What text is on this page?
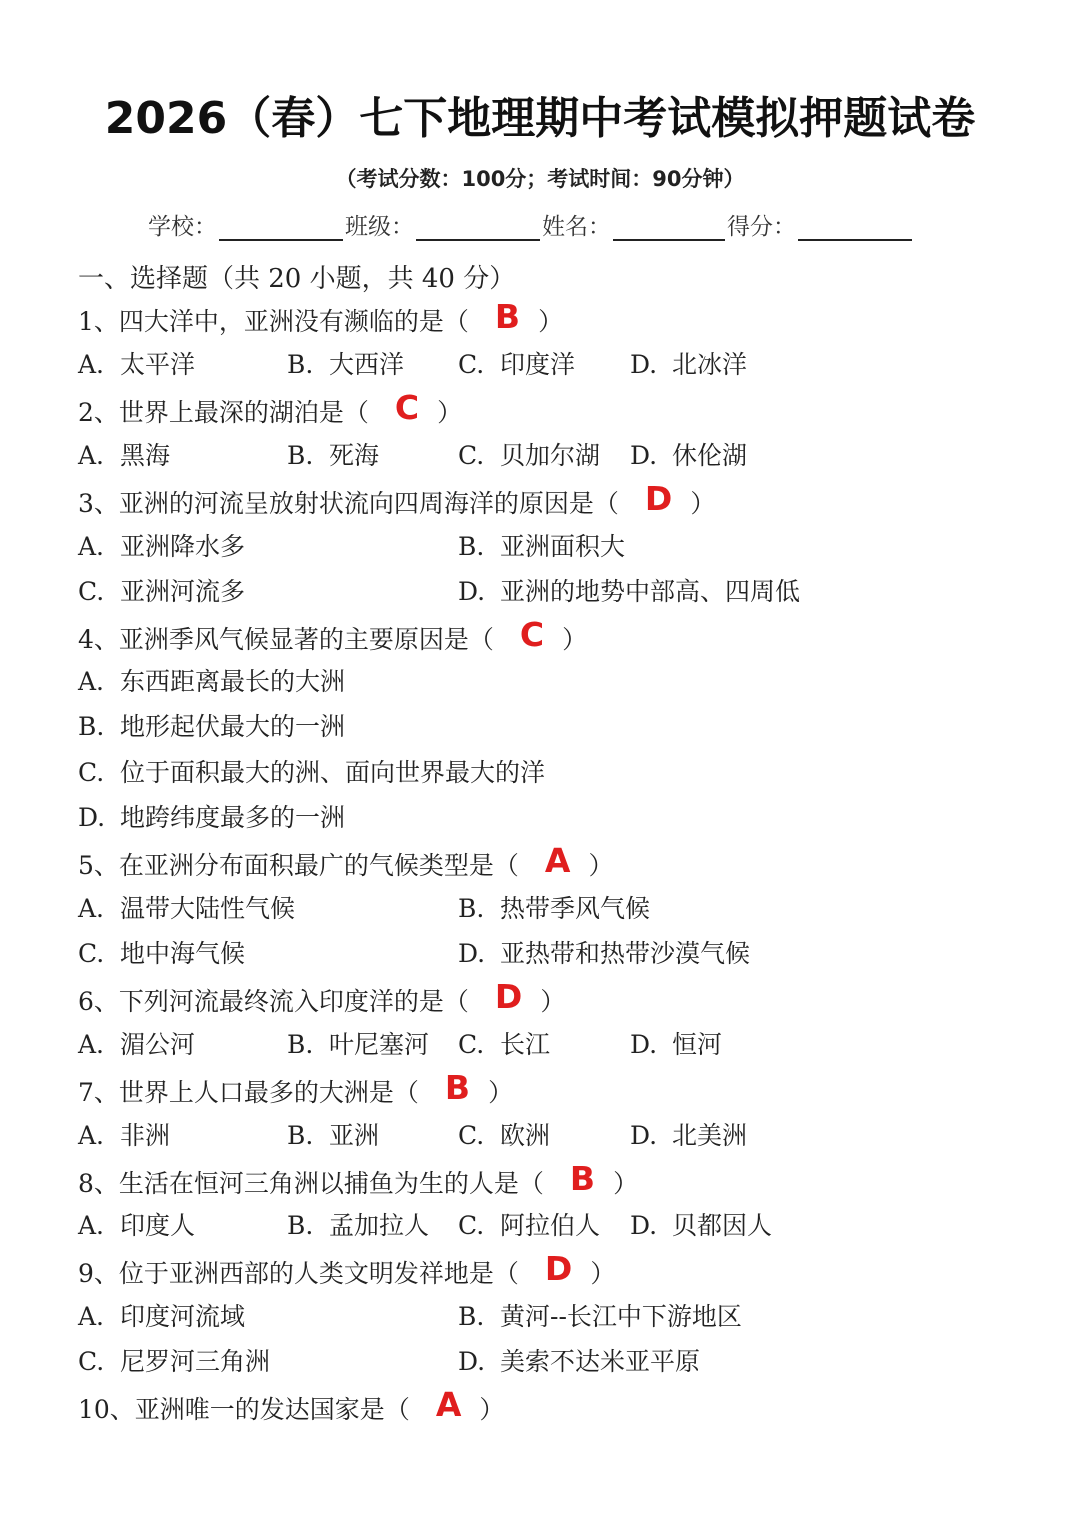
2026（春）七下地理期中考试模拟押题试卷
（考试分数：100分；考试时间：90分钟）
学校：	班级：	姓名：	得分：
一、选择题（共 20 小题，共 40 分）
1、四大洋中，亚洲没有濒临的是（ B ）
A. 太平洋	B. 大西洋 C. 印度洋 D. 北冰洋
2、世界上最深的湖泊是（ C ）
A. 黑海	B. 死海	C. 贝加尔湖 D. 休伦湖
3、亚洲的河流呈放射状流向四周海洋的原因是（ D ）
A. 亚洲降水多	B. 亚洲面积大
C. 亚洲河流多	D. 亚洲的地势中部高、四周低
4、亚洲季风气候显著的主要原因是（ C ）
A. 东西距离最长的大洲
B. 地形起伏最大的一洲
C. 位于面积最大的洲、面向世界最大的洋
D. 地跨纬度最多的一洲
5、在亚洲分布面积最广的气候类型是（ A ）
A. 温带大陆性气候	B. 热带季风气候
C. 地中海气候	D. 亚热带和热带沙漠气候
6、下列河流最终流入印度洋的是（ D ）
A. 湄公河	B. 叶尼塞河 C. 长江	D. 恒河
7、世界上人口最多的大洲是（ B ）
A. 非洲	B. 亚洲	C. 欧洲	D. 北美洲
8、生活在恒河三角洲以捕鱼为生的人是（ B ）
A. 印度人	B. 孟加拉人 C. 阿拉伯人 D. 贝都因人
9、位于亚洲西部的人类文明发祥地是（ D ）
A. 印度河流域	B. 黄河--长江中下游地区
C. 尼罗河三角洲	D. 美索不达米亚平原
10、亚洲唯一的发达国家是（ A ）
